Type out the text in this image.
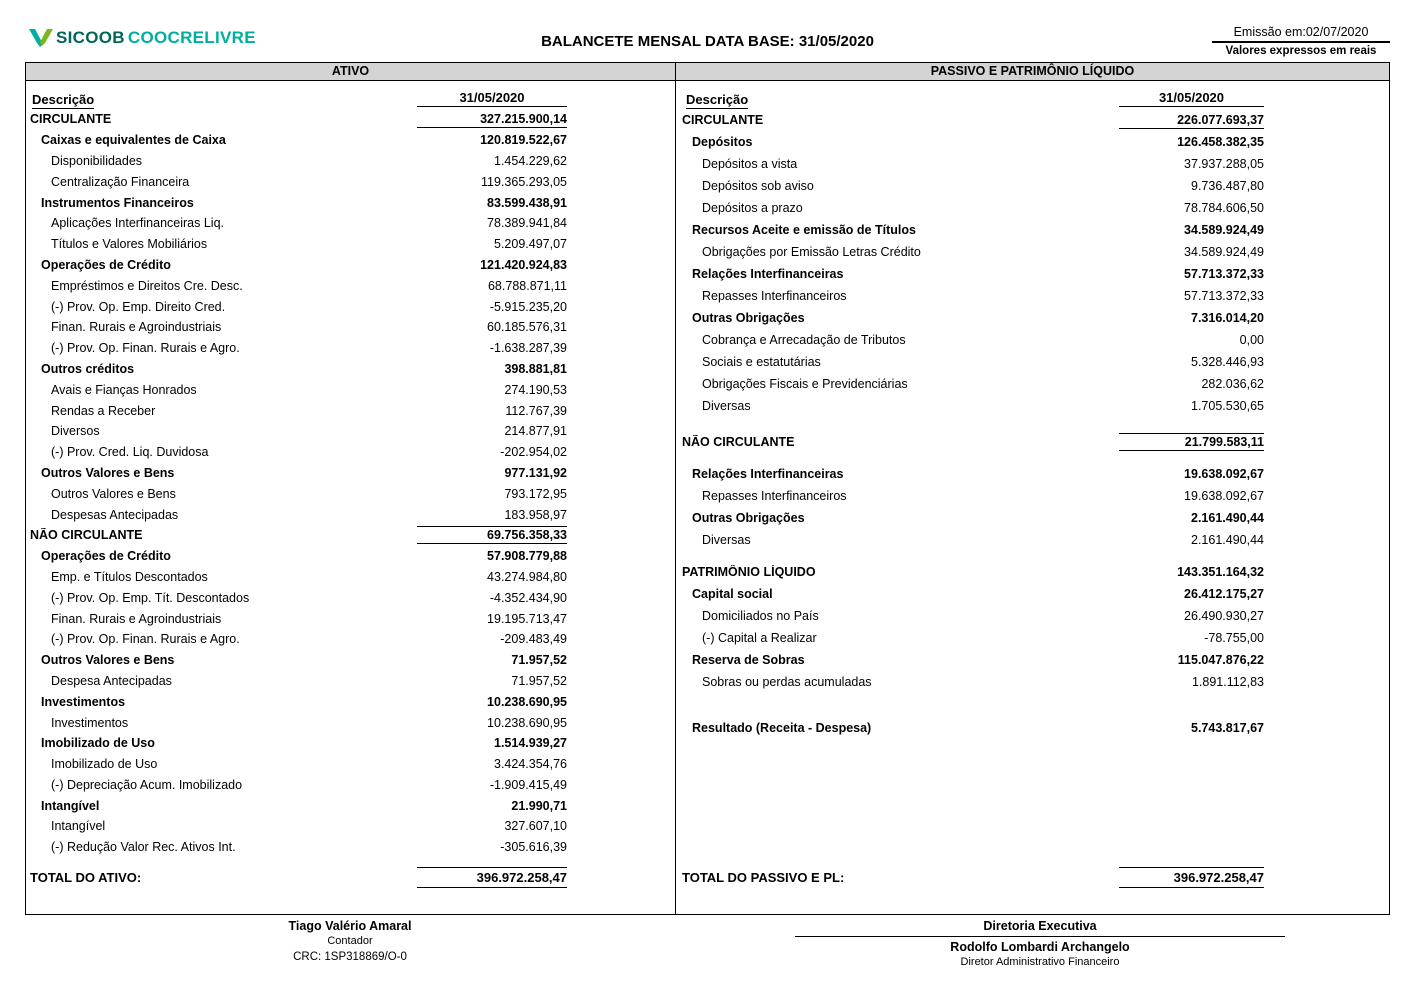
SICOOB COOCRELIVRE	BALANCETE MENSAL DATA BASE: 31/05/2020
Emissão em:02/07/2020
Valores expressos em reais
ATIVO
Descrição	31/05/2020
CIRCULANTE	327.215.900,14
Caixas e equivalentes de Caixa	120.819.522,67
Disponibilidades	1.454.229,62
Centralização Financeira	119.365.293,05
Instrumentos Financeiros	83.599.438,91
Aplicações Interfinanceiras Liq.	78.389.941,84
Títulos e Valores Mobiliários	5.209.497,07
Operações de Crédito	121.420.924,83
Empréstimos e Direitos Cre. Desc.	68.788.871,11
(-) Prov. Op. Emp. Direito Cred.	-5.915.235,20
Finan. Rurais e Agroindustriais	60.185.576,31
(-) Prov. Op. Finan. Rurais e Agro.	-1.638.287,39
Outros créditos	398.881,81
Avais e Fianças Honrados	274.190,53
Rendas a Receber	112.767,39
Diversos	214.877,91
(-) Prov. Cred. Liq. Duvidosa	-202.954,02
Outros Valores e Bens	977.131,92
Outros Valores e Bens	793.172,95
Despesas Antecipadas	183.958,97
NÃO CIRCULANTE	69.756.358,33
Operações de Crédito	57.908.779,88
Emp. e Títulos Descontados	43.274.984,80
(-) Prov. Op. Emp. Tít. Descontados	-4.352.434,90
Finan. Rurais e Agroindustriais	19.195.713,47
(-) Prov. Op. Finan. Rurais e Agro.	-209.483,49
Outros Valores e Bens	71.957,52
Despesa Antecipadas	71.957,52
Investimentos	10.238.690,95
Investimentos	10.238.690,95
Imobilizado de Uso	1.514.939,27
Imobilizado de Uso	3.424.354,76
(-) Depreciação Acum. Imobilizado	-1.909.415,49
Intangível	21.990,71
Intangível	327.607,10
(-) Redução Valor Rec. Ativos Int.	-305.616,39
TOTAL DO ATIVO:	396.972.258,47
PASSIVO E PATRIMÔNIO LÍQUIDO
Descrição	31/05/2020
CIRCULANTE	226.077.693,37
Depósitos	126.458.382,35
Depósitos a vista	37.937.288,05
Depósitos sob aviso	9.736.487,80
Depósitos a prazo	78.784.606,50
Recursos Aceite e emissão de Títulos	34.589.924,49
Obrigações por Emissão Letras Crédito	34.589.924,49
Relações Interfinanceiras	57.713.372,33
Repasses Interfinanceiros	57.713.372,33
Outras Obrigações	7.316.014,20
Cobrança e Arrecadação de Tributos	0,00
Sociais e estatutárias	5.328.446,93
Obrigações Fiscais e Previdenciárias	282.036,62
Diversas	1.705.530,65
NÃO CIRCULANTE	21.799.583,11
Relações Interfinanceiras	19.638.092,67
Repasses Interfinanceiros	19.638.092,67
Outras Obrigações	2.161.490,44
Diversas	2.161.490,44
PATRIMÔNIO LÍQUIDO	143.351.164,32
Capital social	26.412.175,27
Domiciliados no País	26.490.930,27
(-) Capital a Realizar	-78.755,00
Reserva de Sobras	115.047.876,22
Sobras ou perdas acumuladas	1.891.112,83
Resultado (Receita - Despesa)	5.743.817,67
TOTAL DO PASSIVO E PL:	396.972.258,47
Tiago Valério Amaral
Contador
CRC: 1SP318869/O-0
Diretoria Executiva
Rodolfo Lombardi Archangelo
Diretor Administrativo Financeiro
